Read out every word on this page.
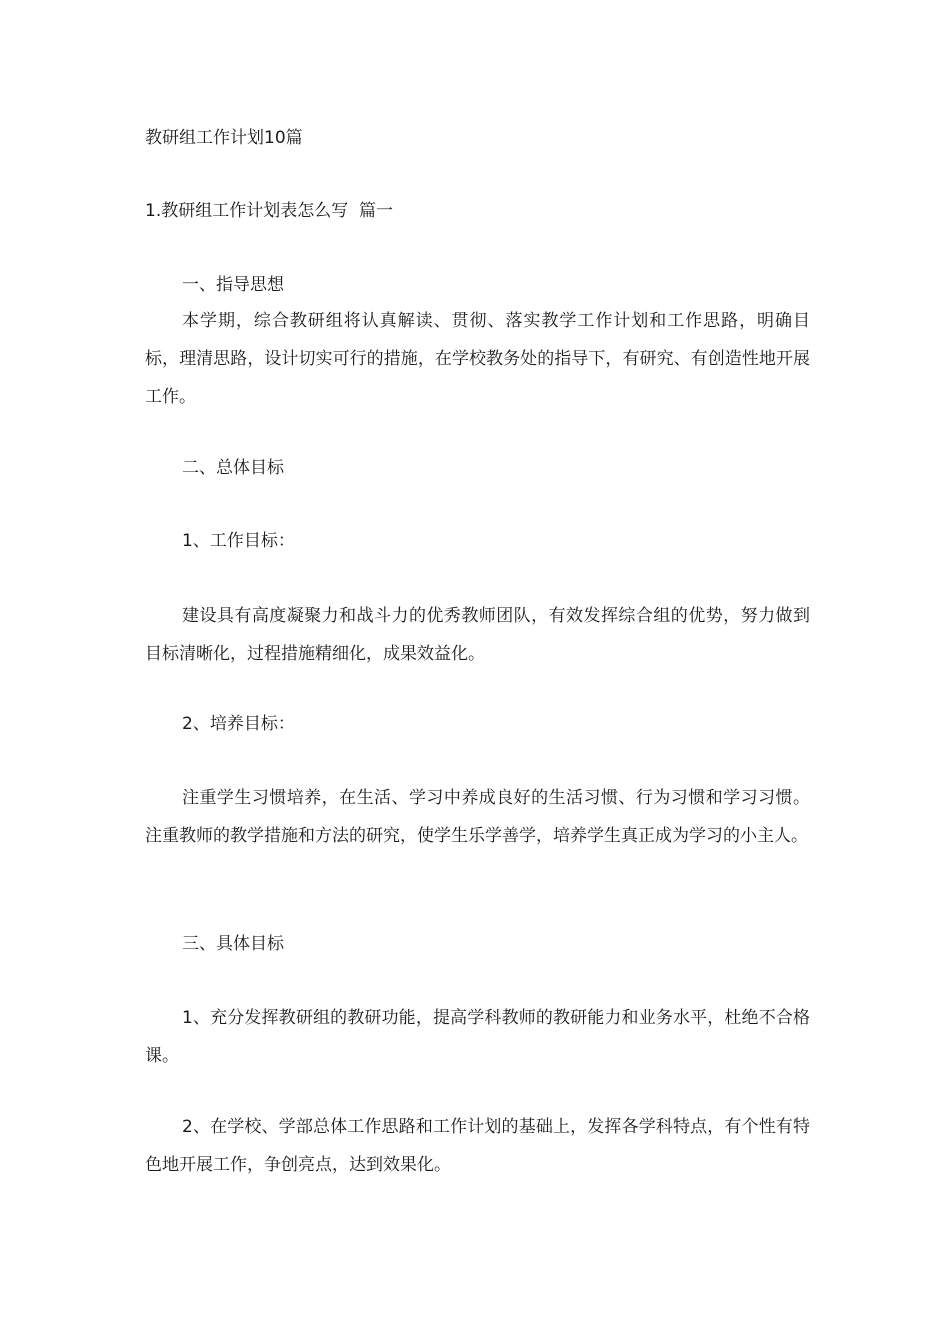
教研组工作计划10篇

1.教研组工作计划表怎么写  篇一

一、指导思想

本学期，综合教研组将认真解读、贯彻、落实教学工作计划和工作思路，明确目标，理清思路，设计切实可行的措施，在学校教务处的指导下，有研究、有创造性地开展工作。

二、总体目标

1、工作目标：

建设具有高度凝聚力和战斗力的优秀教师团队，有效发挥综合组的优势，努力做到目标清晰化，过程措施精细化，成果效益化。

2、培养目标：

注重学生习惯培养，在生活、学习中养成良好的生活习惯、行为习惯和学习习惯。注重教师的教学措施和方法的研究，使学生乐学善学，培养学生真正成为学习的小主人。

三、具体目标

1、充分发挥教研组的教研功能，提高学科教师的教研能力和业务水平，杜绝不合格课。

2、在学校、学部总体工作思路和工作计划的基础上，发挥各学科特点，有个性有特色地开展工作，争创亮点，达到效果化。
